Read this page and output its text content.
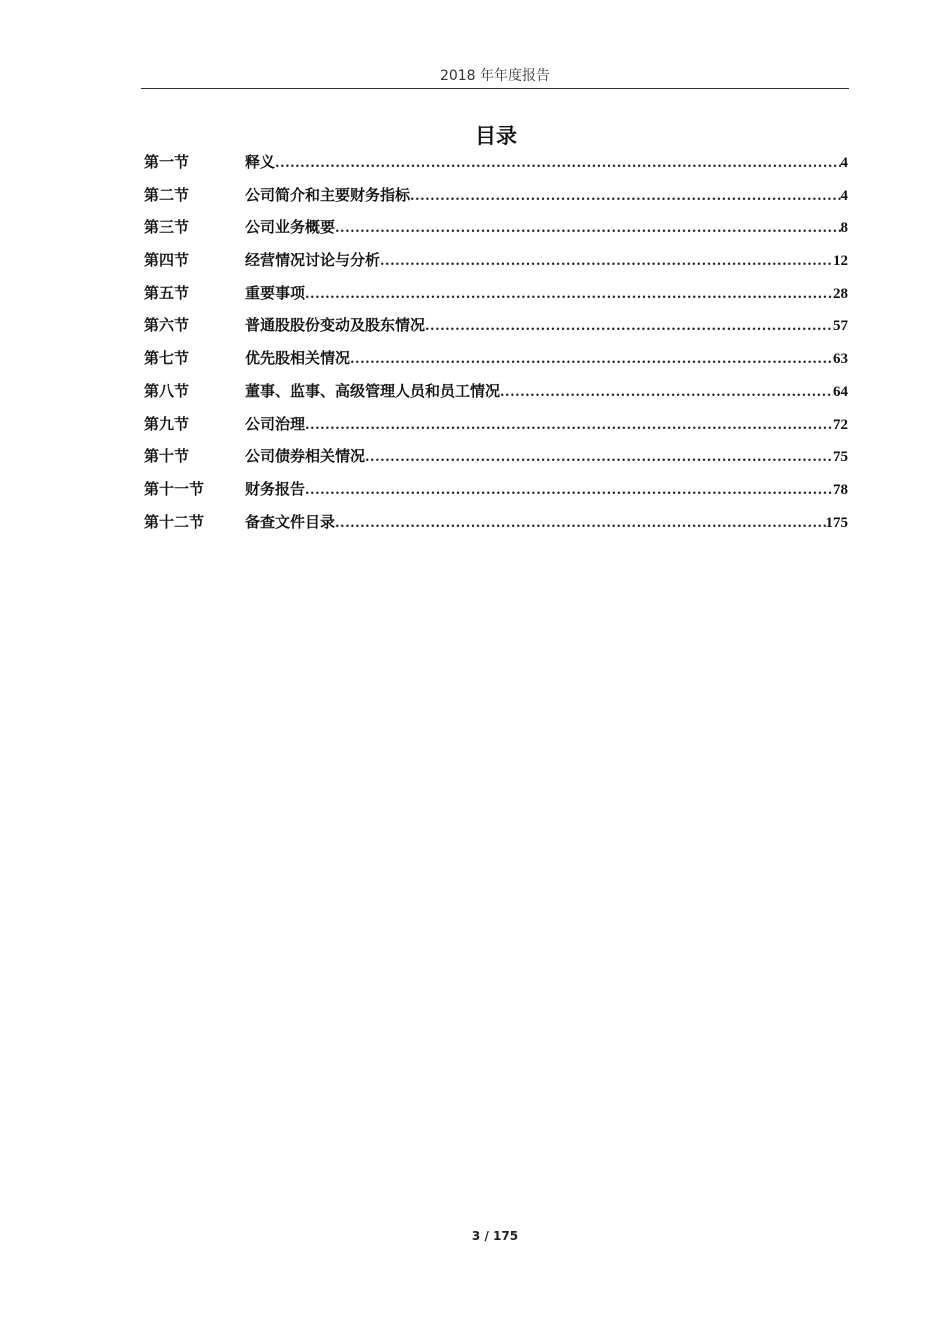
2018 年年度报告
目录
第一节	释义 .....	4
第二节	公司简介和主要财务指标 .....	4
第三节	公司业务概要 .....	8
第四节	经营情况讨论与分析 .....	12
第五节	重要事项 .....	28
第六节	普通股股份变动及股东情况 .....	57
第七节	优先股相关情况 .....	63
第八节	董事、监事、高级管理人员和员工情况 .....	64
第九节	公司治理 .....	72
第十节	公司债券相关情况 .....	75
第十一节	财务报告 .....	78
第十二节	备查文件目录 .....	175
3 / 175
